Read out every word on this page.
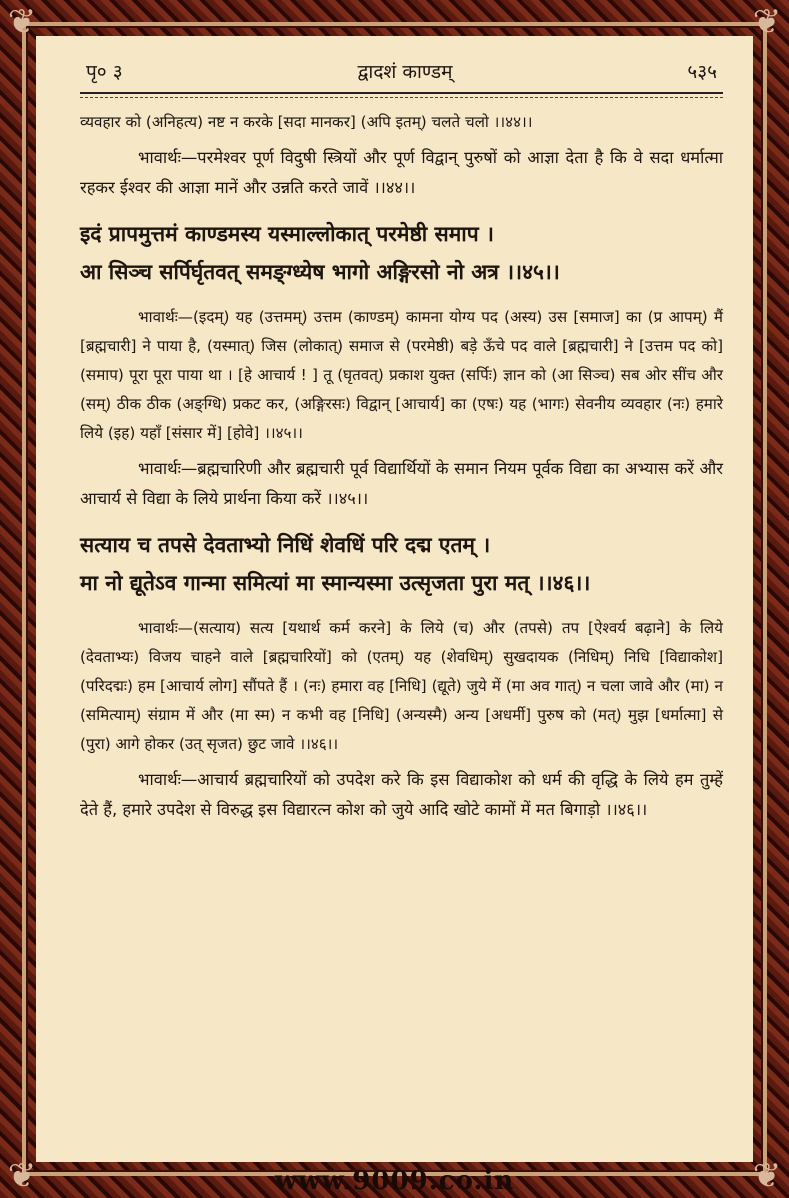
❦	❦
❦	❦
पृ० ३	द्वादशं काण्डम्	५३५

व्यवहार को (अनिहत्य) नष्ट न करके [सदा मानकर] (अपि इतम्) चलते चलो ।।४४।।

भावार्थः—परमेश्वर पूर्ण विदुषी स्त्रियों और पूर्ण विद्वान् पुरुषों को आज्ञा देता है कि वे सदा धर्मात्मा रहकर ईश्वर की आज्ञा मानें और उन्नति करते जावें ।।४४।।

इदं प्रापमुत्तमं काण्डमस्य यस्माल्लोकात् परमेष्ठी समाप ।

आ सिञ्च सर्पिर्घृतवत् समङ्ग्ध्येष भागो अङ्गिरसो नो अत्र ।।४५।।

भावार्थः—(इदम्) यह (उत्तमम्) उत्तम (काण्डम्) कामना योग्य पद (अस्य) उस [समाज] का (प्र आपम्) मैं [ब्रह्मचारी] ने पाया है, (यस्मात्) जिस (लोकात्) समाज से (परमेष्ठी) बड़े ऊँचे पद वाले [ब्रह्मचारी] ने [उत्तम पद को] (समाप) पूरा पूरा पाया था । [हे आचार्य ! ] तू (घृतवत्) प्रकाश युक्त (सर्पिः) ज्ञान को (आ सिञ्च) सब ओर सींच और (सम्) ठीक ठीक (अङ्ग्धि) प्रकट कर, (अङ्गिरसः) विद्वान् [आचार्य] का (एषः) यह (भागः) सेवनीय व्यवहार (नः) हमारे लिये (इह) यहाँ [संसार में] [होवे] ।।४५।।

भावार्थः—ब्रह्मचारिणी और ब्रह्मचारी पूर्व विद्यार्थियों के समान नियम पूर्वक विद्या का अभ्यास करें और आचार्य से विद्या के लिये प्रार्थना किया करें ।।४५।।

सत्याय च तपसे देवताभ्यो निधिं शेवधिं परि दद्म एतम् ।

मा नो द्यूतेऽव गान्मा समित्यां मा स्मान्यस्मा उत्सृजता पुरा मत् ।।४६।।

भावार्थः—(सत्याय) सत्य [यथार्थ कर्म करने] के लिये (च) और (तपसे) तप [ऐश्वर्य बढ़ाने] के लिये (देवताभ्यः) विजय चाहने वाले [ब्रह्मचारियों] को (एतम्) यह (शेवधिम्) सुखदायक (निधिम्) निधि [विद्याकोश] (परिदद्मः) हम [आचार्य लोग] सौंपते हैं । (नः) हमारा वह [निधि] (द्यूते) जुये में (मा अव गात्) न चला जावे और (मा) न (समित्याम्) संग्राम में और (मा स्म) न कभी वह [निधि] (अन्यस्मै) अन्य [अधर्मी] पुरुष को (मत्) मुझ [धर्मात्मा] से (पुरा) आगे होकर (उत् सृजत) छुट जावे ।।४६।।

भावार्थः—आचार्य ब्रह्मचारियों को उपदेश करे कि इस विद्याकोश को धर्म की वृद्धि के लिये हम तुम्हें देते हैं, हमारे उपदेश से विरुद्ध इस विद्यारत्न कोश को जुये आदि खोटे कामों में मत बिगाड़ो ।।४६।।

www.9009.co.in
